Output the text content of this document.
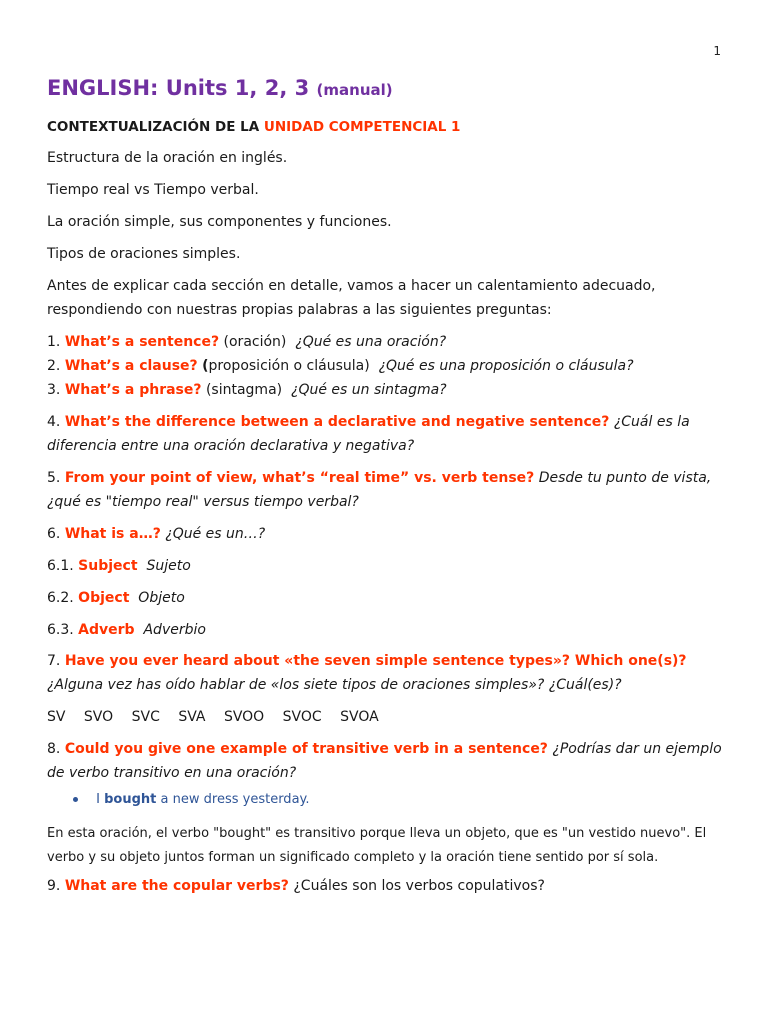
1
ENGLISH: Units 1, 2, 3 (manual)
CONTEXTUALIZACIÓN DE LA UNIDAD COMPETENCIAL 1
Estructura de la oración en inglés.
Tiempo real vs Tiempo verbal.
La oración simple, sus componentes y funciones.
Tipos de oraciones simples.
Antes de explicar cada sección en detalle, vamos a hacer un calentamiento adecuado, respondiendo con nuestras propias palabras a las siguientes preguntas:
1. What’s a sentence? (oración) ¿Qué es una oración?
2. What’s a clause? (proposición o cláusula) ¿Qué es una proposición o cláusula?
3. What’s a phrase? (sintagma) ¿Qué es un sintagma?
4. What’s the difference between a declarative and negative sentence? ¿Cuál es la diferencia entre una oración declarativa y negativa?
5. From your point of view, what’s “real time” vs. verb tense? Desde tu punto de vista, ¿qué es "tiempo real" versus tiempo verbal?
6. What is a…? ¿Qué es un…?
6.1. Subject Sujeto
6.2. Object Objeto
6.3. Adverb Adverbio
7. Have you ever heard about «the seven simple sentence types»? Which one(s)? ¿Alguna vez has oído hablar de «los siete tipos de oraciones simples»? ¿Cuál(es)?
SV SVO SVC SVA SVOO SVOC SVOA
8. Could you give one example of transitive verb in a sentence? ¿Podrías dar un ejemplo de verbo transitivo en una oración?
I bought a new dress yesterday.
En esta oración, el verbo "bought" es transitivo porque lleva un objeto, que es "un vestido nuevo". El verbo y su objeto juntos forman un significado completo y la oración tiene sentido por sí sola.
9. What are the copular verbs? ¿Cuáles son los verbos copulativos?
